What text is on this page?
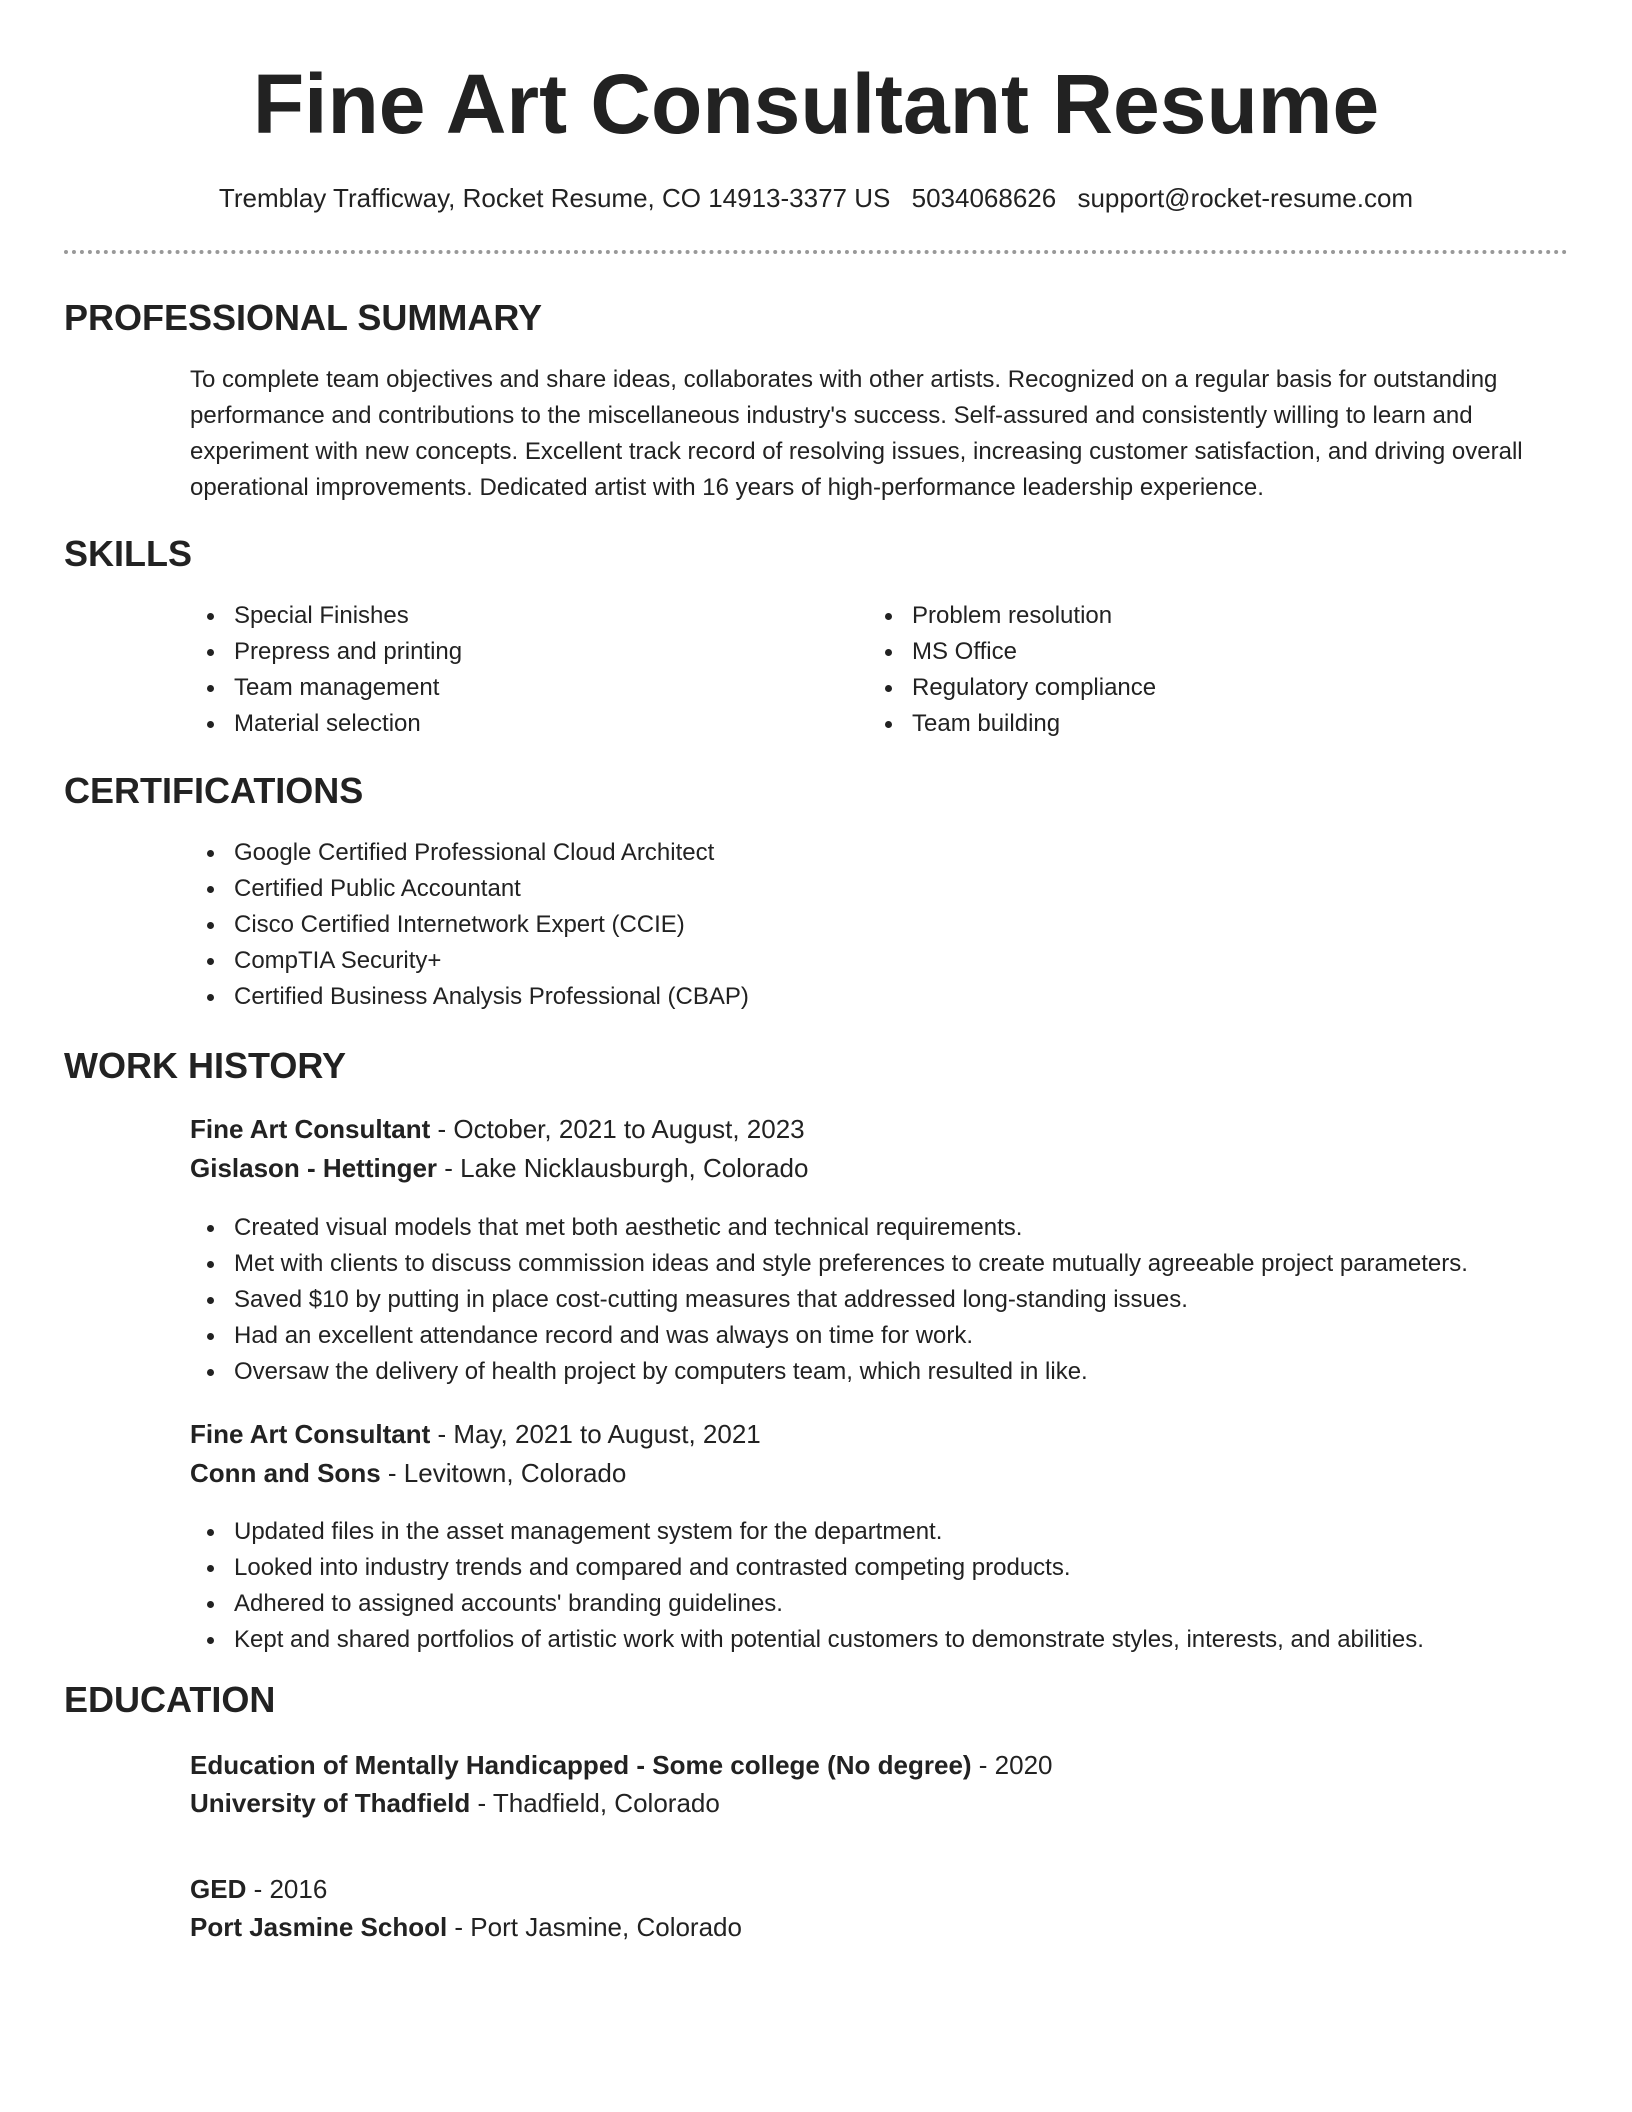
Fine Art Consultant Resume
Tremblay Trafficway, Rocket Resume, CO 14913-3377 US 5034068626 support@rocket-resume.com
PROFESSIONAL SUMMARY

To complete team objectives and share ideas, collaborates with other artists. Recognized on a regular basis for outstanding performance and contributions to the miscellaneous industry's success. Self-assured and consistently willing to learn and experiment with new concepts. Excellent track record of resolving issues, increasing customer satisfaction, and driving overall operational improvements. Dedicated artist with 16 years of high-performance leadership experience.

SKILLS
Special Finishes
Prepress and printing
Team management
Material selection
Problem resolution
MS Office
Regulatory compliance
Team building
CERTIFICATIONS
Google Certified Professional Cloud Architect
Certified Public Accountant
Cisco Certified Internetwork Expert (CCIE)
CompTIA Security+
Certified Business Analysis Professional (CBAP)
WORK HISTORY
Fine Art Consultant - October, 2021 to August, 2023
Gislason - Hettinger - Lake Nicklausburgh, Colorado
Created visual models that met both aesthetic and technical requirements.
Met with clients to discuss commission ideas and style preferences to create mutually agreeable project parameters.
Saved $10 by putting in place cost-cutting measures that addressed long-standing issues.
Had an excellent attendance record and was always on time for work.
Oversaw the delivery of health project by computers team, which resulted in like.
Fine Art Consultant - May, 2021 to August, 2021
Conn and Sons - Levitown, Colorado
Updated files in the asset management system for the department.
Looked into industry trends and compared and contrasted competing products.
Adhered to assigned accounts' branding guidelines.
Kept and shared portfolios of artistic work with potential customers to demonstrate styles, interests, and abilities.
EDUCATION
Education of Mentally Handicapped - Some college (No degree) - 2020
University of Thadfield - Thadfield, Colorado
GED - 2016
Port Jasmine School - Port Jasmine, Colorado
